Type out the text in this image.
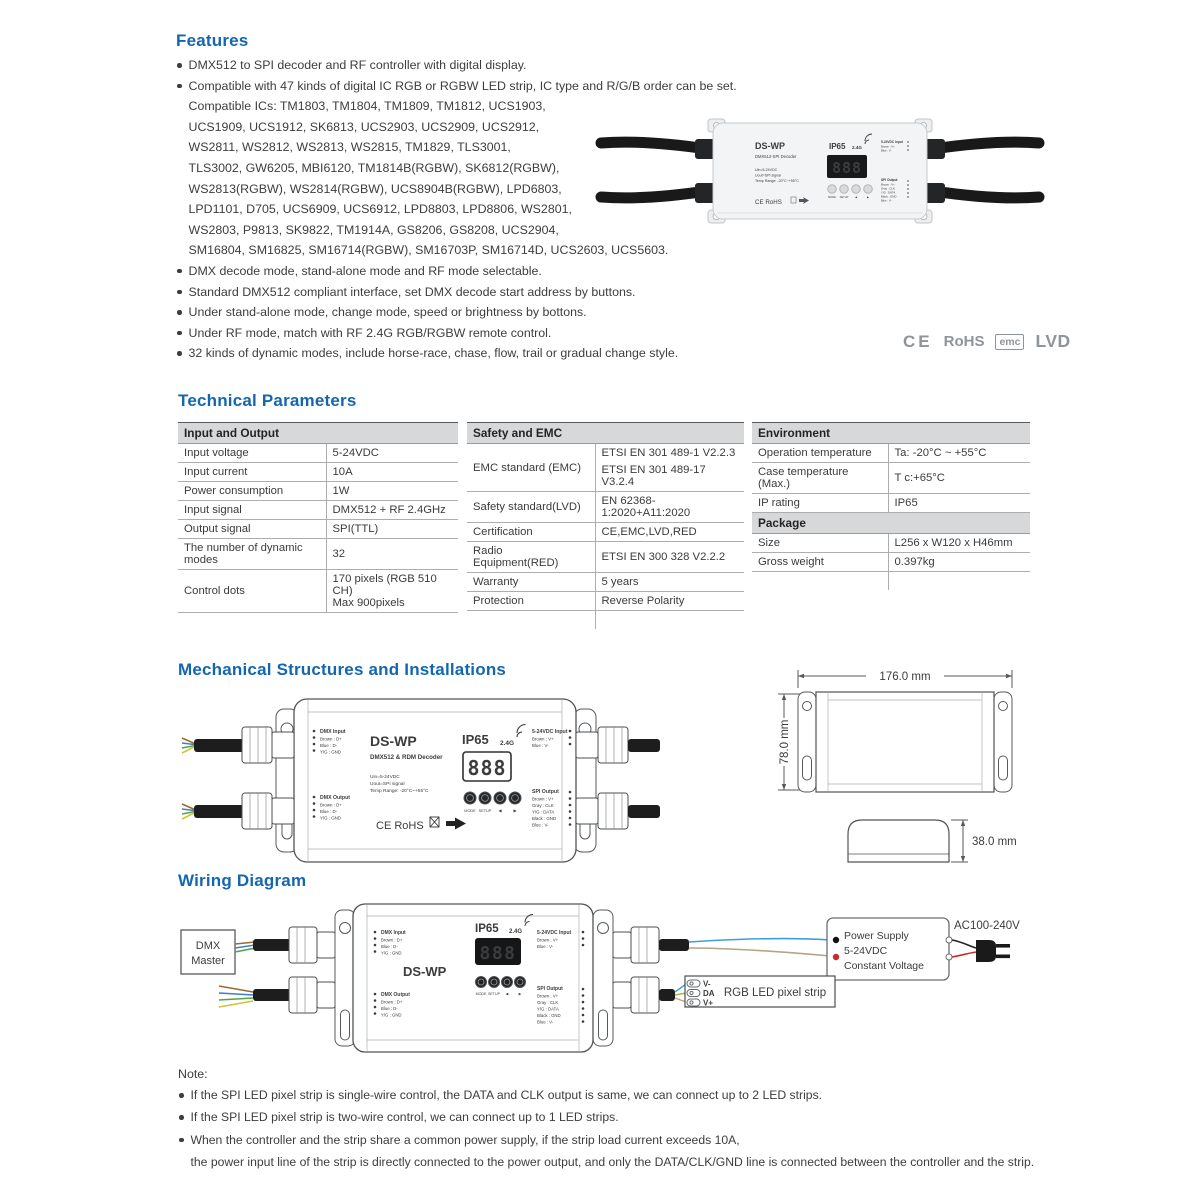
Features
DMX512 to SPI decoder and RF controller with digital display.
Compatible with 47 kinds of digital IC RGB or RGBW LED strip, IC type and R/G/B order can be set.
Compatible ICs: TM1803, TM1804, TM1809, TM1812, UCS1903,
UCS1909, UCS1912, SK6813, UCS2903, UCS2909, UCS2912,
WS2811, WS2812, WS2813, WS2815, TM1829, TLS3001,
TLS3002, GW6205, MBI6120, TM1814B(RGBW), SK6812(RGBW),
WS2813(RGBW), WS2814(RGBW), UCS8904B(RGBW), LPD6803,
LPD1101, D705, UCS6909, UCS6912, LPD8803, LPD8806, WS2801,
WS2803, P9813, SK9822, TM1914A, GS8206, GS8208, UCS2904,
SM16804, SM16825, SM16714(RGBW), SM16703P, SM16714D, UCS2603, UCS5603.
DMX decode mode, stand-alone mode and RF mode selectable.
Standard DMX512 compliant interface, set DMX decode start address by buttons.
Under stand-alone mode, change mode, speed or brightness by bottons.
Under RF mode, match with RF 2.4G RGB/RGBW remote control.
32 kinds of dynamic modes, include horse-race, chase, flow, trail or gradual change style.
DS-WP
DMX512-SPI Decoder
Uin=5-24VDC
Uout=SPI signal
Temp Range: -20°C~+55°C
IP65 2.4G
888
MODE SETUP	◀	▶
CE RoHS
5-24VDC Input
Brown : V+
Blue : V-
SPI Output
Brown : V+
Gray : CLK
Y/G : DATA
Black : GND
Blue : V-
CE RoHS	emc LVD
Technical Parameters
Input and Output	
Input voltage	5-24VDC
Input current	10A
Power consumption	1W
Input signal	DMX512 + RF 2.4GHz
Output signal	SPI(TTL)
The number of dynamic modes	32
Control dots	170 pixels (RGB 510 CH)
Max 900pixels
Safety and EMC	
EMC standard (EMC)	ETSI EN 301 489-1 V2.2.3
ETSI EN 301 489-17 V3.2.4

Safety standard(LVD)	EN 62368-1:2020+A11:2020
Certification	CE,EMC,LVD,RED
Radio Equipment(RED)	ETSI EN 300 328 V2.2.2
Warranty	5 years
Protection	Reverse Polarity

Environment	
Operation temperature	Ta: -20°C ~ +55°C
Case temperature (Max.)	T c:+65°C
IP rating	IP65
Package	
Size	L256 x W120 x H46mm
Gross weight	0.397kg

Mechanical Structures and Installations
DMX Input
Brown : D+
Blue : D-
Y/G : GND
DMX Output
Brown : D+
Blue : D-
Y/G : GND
DS-WP
DMX512 & RDM Decoder
Uin=5-24VDC
Uout=SPI signal
Temp Range: -20°C~+55°C
IP65 2.4G
888
MODE SETUP ◀	▶
CE RoHS
5-24VDC Input
Brown : V+
Blue : V-
SPI Output
Brown : V+
Gray : CLK
Y/G : DATA
Black : GND
Blue : V-
176.0 mm
78.0 mm
38.0 mm
Wiring Diagram
DMX
Master
DMX Input
Brown : D+
Blue : D-
Y/G : GND
DMX Output
Brown : D+
Blue : D-
Y/G : GND
DS-WP
IP65 2.4G
888
MODE SETUP ◀	▶
5-24VDC Input
Brown : V+
Blue : V-
SPI Output
Brown : V+
Gray : CLK
Y/G : DATA
Black : GND
Blue : V-
Power Supply
5-24VDC
Constant Voltage
AC100-240V
V-
DA
V+
RGB LED pixel strip
Note:
If the SPI LED pixel strip is single-wire control, the DATA and CLK output is same, we can connect up to 2 LED strips.
If the SPI LED pixel strip is two-wire control, we can connect up to 1 LED strips.
When the controller and the strip share a common power supply, if the strip load current exceeds 10A,
the power input line of the strip is directly connected to the power output, and only the DATA/CLK/GND line is connected between the controller and the strip.
